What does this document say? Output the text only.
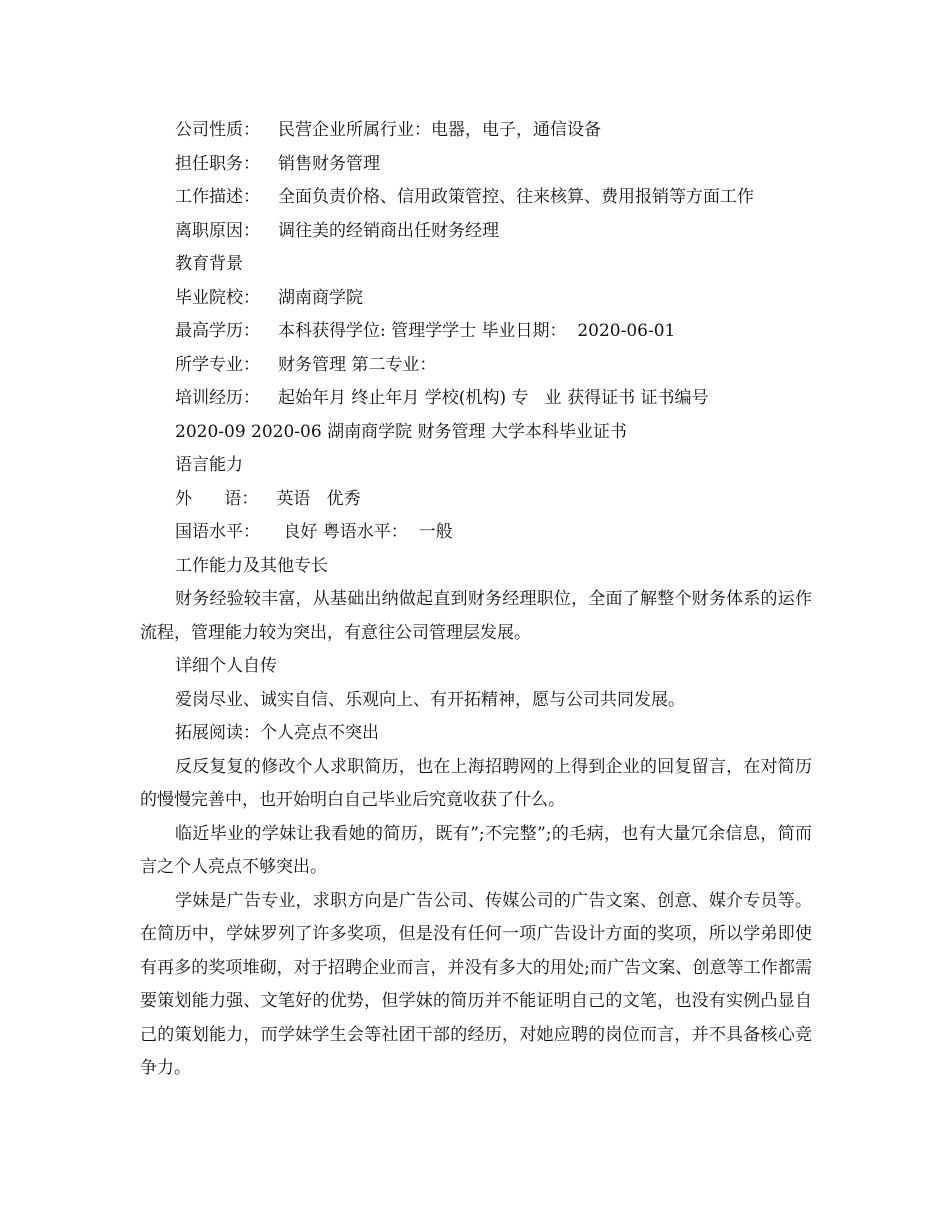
公司性质： 民营企业所属行业：电器，电子，通信设备
担任职务： 销售财务管理
工作描述： 全面负责价格、信用政策管控、往来核算、费用报销等方面工作
离职原因： 调往美的经销商出任财务经理
教育背景
毕业院校： 湖南商学院
最高学历： 本科获得学位: 管理学学士 毕业日期：  2020-06-01
所学专业： 财务管理 第二专业：
培训经历： 起始年月 终止年月 学校(机构) 专   业 获得证书 证书编号
2020-09 2020-06 湖南商学院 财务管理 大学本科毕业证书
语言能力
外      语： 英语   优秀
国语水平： 良好 粤语水平：  一般
工作能力及其他专长

财务经验较丰富，从基础出纳做起直到财务经理职位，全面了解整个财务体系的运作流程，管理能力较为突出，有意往公司管理层发展。

详细个人自传
爱岗尽业、诚实自信、乐观向上、有开拓精神，愿与公司共同发展。
拓展阅读：个人亮点不突出

反反复复的修改个人求职简历，也在上海招聘网的上得到企业的回复留言，在对简历的慢慢完善中，也开始明白自己毕业后究竟收获了什么。

临近毕业的学妹让我看她的简历，既有”;不完整”;的毛病，也有大量冗余信息，简而言之个人亮点不够突出。

学妹是广告专业，求职方向是广告公司、传媒公司的广告文案、创意、媒介专员等。在简历中，学妹罗列了许多奖项，但是没有任何一项广告设计方面的奖项，所以学弟即使有再多的奖项堆砌，对于招聘企业而言，并没有多大的用处;而广告文案、创意等工作都需要策划能力强、文笔好的优势，但学妹的简历并不能证明自己的文笔，也没有实例凸显自己的策划能力，而学妹学生会等社团干部的经历，对她应聘的岗位而言，并不具备核心竞争力。
